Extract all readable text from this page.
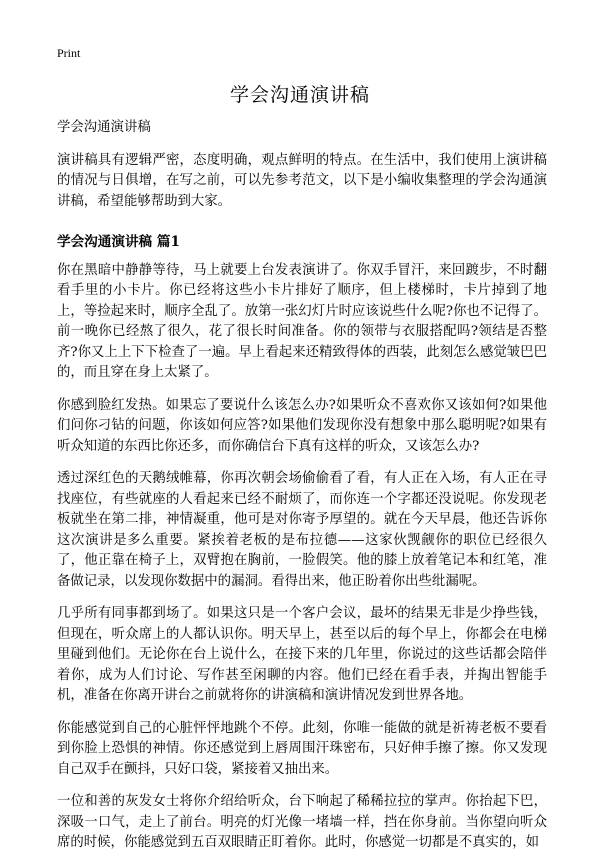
Print
学会沟通演讲稿

学会沟通演讲稿

演讲稿具有逻辑严密，态度明确，观点鲜明的特点。在生活中，我们使用上演讲稿的情况与日俱增，在写之前，可以先参考范文，以下是小编收集整理的学会沟通演讲稿，希望能够帮助到大家。

学会沟通演讲稿 篇1

你在黑暗中静静等待，马上就要上台发表演讲了。你双手冒汗，来回踱步，不时翻看手里的小卡片。你已经将这些小卡片排好了顺序，但上楼梯时，卡片掉到了地上，等捡起来时，顺序全乱了。放第一张幻灯片时应该说些什么呢?你也不记得了。前一晚你已经熬了很久，花了很长时间准备。你的领带与衣服搭配吗?领结是否整齐?你又上上下下检查了一遍。早上看起来还精致得体的西装，此刻怎么感觉皱巴巴的，而且穿在身上太紧了。

你感到脸红发热。如果忘了要说什么该怎么办?如果听众不喜欢你又该如何?如果他们问你刁钻的问题，你该如何应答?如果他们发现你没有想象中那么聪明呢?如果有听众知道的东西比你还多，而你确信台下真有这样的听众，又该怎么办?

透过深红色的天鹅绒帷幕，你再次朝会场偷偷看了看，有人正在入场，有人正在寻找座位，有些就座的人看起来已经不耐烦了，而你连一个字都还没说呢。你发现老板就坐在第二排，神情凝重，他可是对你寄予厚望的。就在今天早晨，他还告诉你这次演讲是多么重要。紧挨着老板的是布拉德——这家伙觊觎你的职位已经很久了，他正靠在椅子上，双臂抱在胸前，一脸假笑。他的膝上放着笔记本和红笔，准备做记录，以发现你数据中的漏洞。看得出来，他正盼着你出些纰漏呢。

几乎所有同事都到场了。如果这只是一个客户会议，最坏的结果无非是少挣些钱，但现在，听众席上的人都认识你。明天早上，甚至以后的每个早上，你都会在电梯里碰到他们。无论你在台上说什么，在接下来的几年里，你说过的这些话都会陪伴着你，成为人们讨论、写作甚至闲聊的内容。他们已经在看手表，并掏出智能手机，准备在你离开讲台之前就将你的讲演稿和演讲情况发到世界各地。

你能感觉到自己的心脏怦怦地跳个不停。此刻，你唯一能做的就是祈祷老板不要看到你脸上恐惧的神情。你还感觉到上唇周围汗珠密布，只好伸手擦了擦。你又发现自己双手在颤抖，只好口袋，紧接着又抽出来。

一位和善的灰发女士将你介绍给听众，台下响起了稀稀拉拉的掌声。你抬起下巴，深吸一口气，走上了前台。明亮的灯光像一堵墙一样，挡在你身前。当你望向听众席的时候，你能感觉到五百双眼睛正盯着你。此时，你感觉一切都是不真实的，如
